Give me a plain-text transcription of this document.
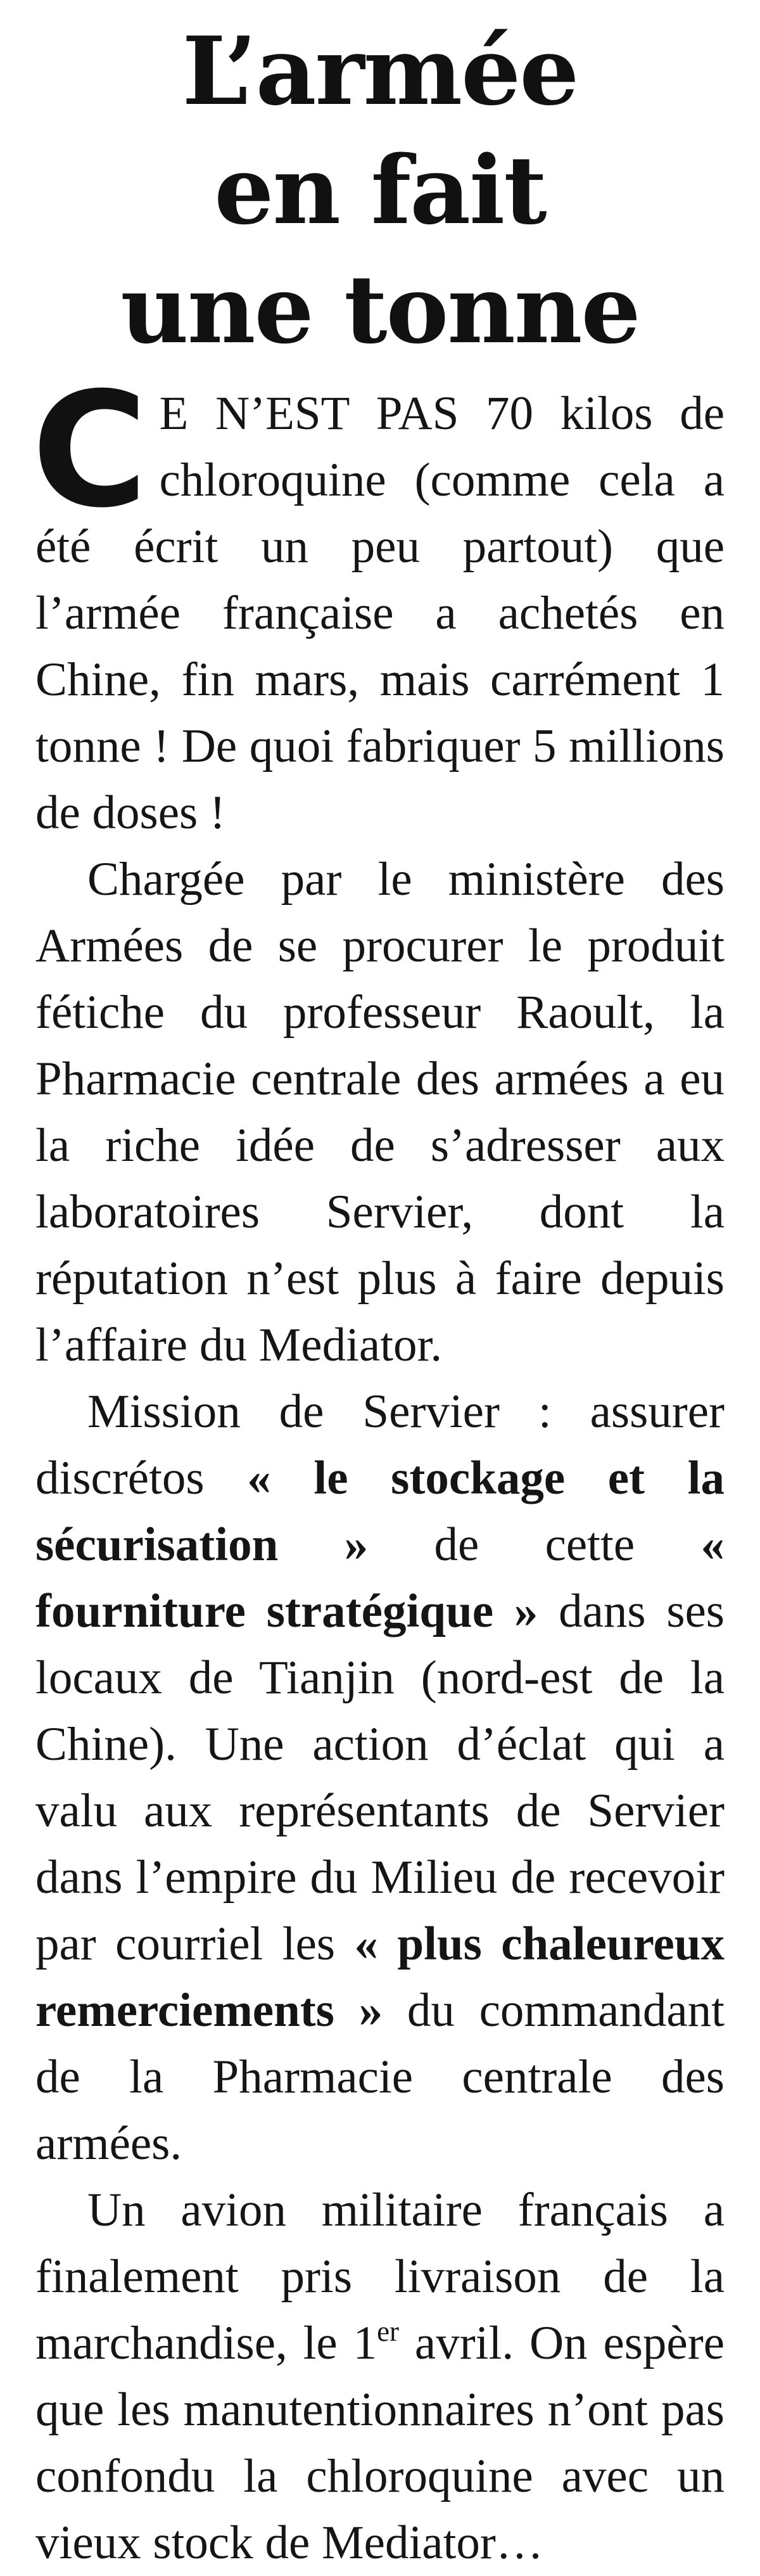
L’armée
en fait
une tonne

C E N’EST PAS 70 kilos de chloroquine (comme cela a été écrit un peu partout) que l’armée française a achetés en Chine, fin mars, mais carrément 1 tonne ! De quoi fabriquer 5 millions de doses !

Chargée par le ministère des Armées de se procurer le produit fétiche du professeur Raoult, la Pharmacie centrale des armées a eu la riche idée de s’adresser aux laboratoires Servier, dont la réputation n’est plus à faire depuis l’affaire du Mediator.

Mission de Servier : assurer discrétos « le stockage et la sécurisation » de cette « fourniture stratégique » dans ses locaux de Tianjin (nord-est de la Chine). Une action d’éclat qui a valu aux représentants de Servier dans l’empire du Milieu de recevoir par courriel les « plus chaleureux remerciements » du commandant de la Pharmacie centrale des armées.

Un avion militaire français a finalement pris livraison de la marchandise, le 1er avril. On espère que les manutentionnaires n’ont pas confondu la chloroquine avec un vieux stock de Mediator…
